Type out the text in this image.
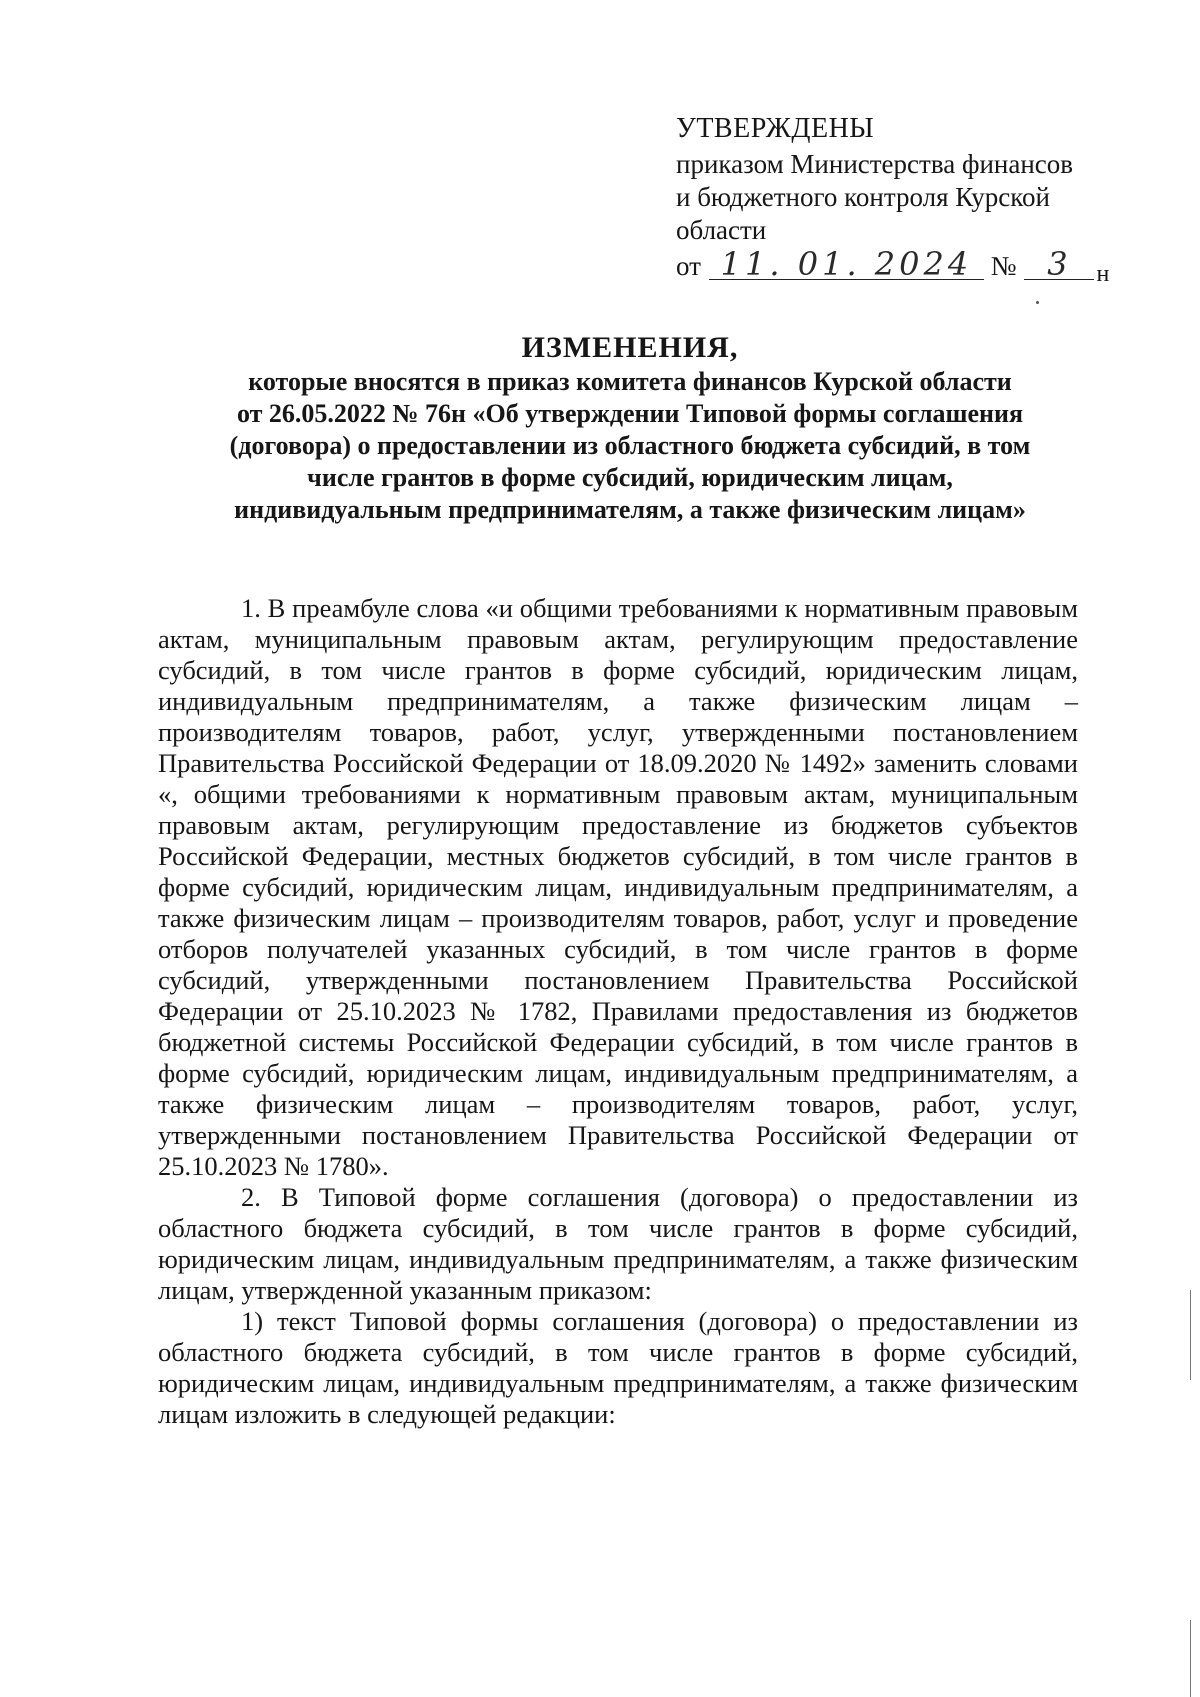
УТВЕРЖДЕНЫ
приказом Министерства финансов
и бюджетного контроля Курской
области
от 11. 01. 2024 № 3 н
ИЗМЕНЕНИЯ,
которые вносятся в приказ комитета финансов Курской области
от 26.05.2022 № 76н «Об утверждении Типовой формы соглашения
(договора) о предоставлении из областного бюджета субсидий, в том
числе грантов в форме субсидий, юридическим лицам,
индивидуальным предпринимателям, а также физическим лицам»

1. В преамбуле слова «и общими требованиями к нормативным правовым актам, муниципальным правовым актам, регулирующим предоставление субсидий, в том числе грантов в форме субсидий, юридическим лицам, индивидуальным предпринимателям, а также физическим лицам – производителям товаров, работ, услуг, утвержденными постановлением Правительства Российской Федерации от 18.09.2020 № 1492» заменить словами «, общими требованиями к нормативным правовым актам, муниципальным правовым актам, регулирующим предоставление из бюджетов субъектов Российской Федерации, местных бюджетов субсидий, в том числе грантов в форме субсидий, юридическим лицам, индивидуальным предпринимателям, а также физическим лицам – производителям товаров, работ, услуг и проведение отборов получателей указанных субсидий, в том числе грантов в форме субсидий, утвержденными постановлением Правительства Российской Федерации от 25.10.2023 № 1782, Правилами предоставления из бюджетов бюджетной системы Российской Федерации субсидий, в том числе грантов в форме субсидий, юридическим лицам, индивидуальным предпринимателям, а также физическим лицам – производителям товаров, работ, услуг, утвержденными постановлением Правительства Российской Федерации от 25.10.2023 № 1780».

2. В Типовой форме соглашения (договора) о предоставлении из областного бюджета субсидий, в том числе грантов в форме субсидий, юридическим лицам, индивидуальным предпринимателям, а также физическим лицам, утвержденной указанным приказом:

1) текст Типовой формы соглашения (договора) о предоставлении из областного бюджета субсидий, в том числе грантов в форме субсидий, юридическим лицам, индивидуальным предпринимателям, а также физическим лицам изложить в следующей редакции:
